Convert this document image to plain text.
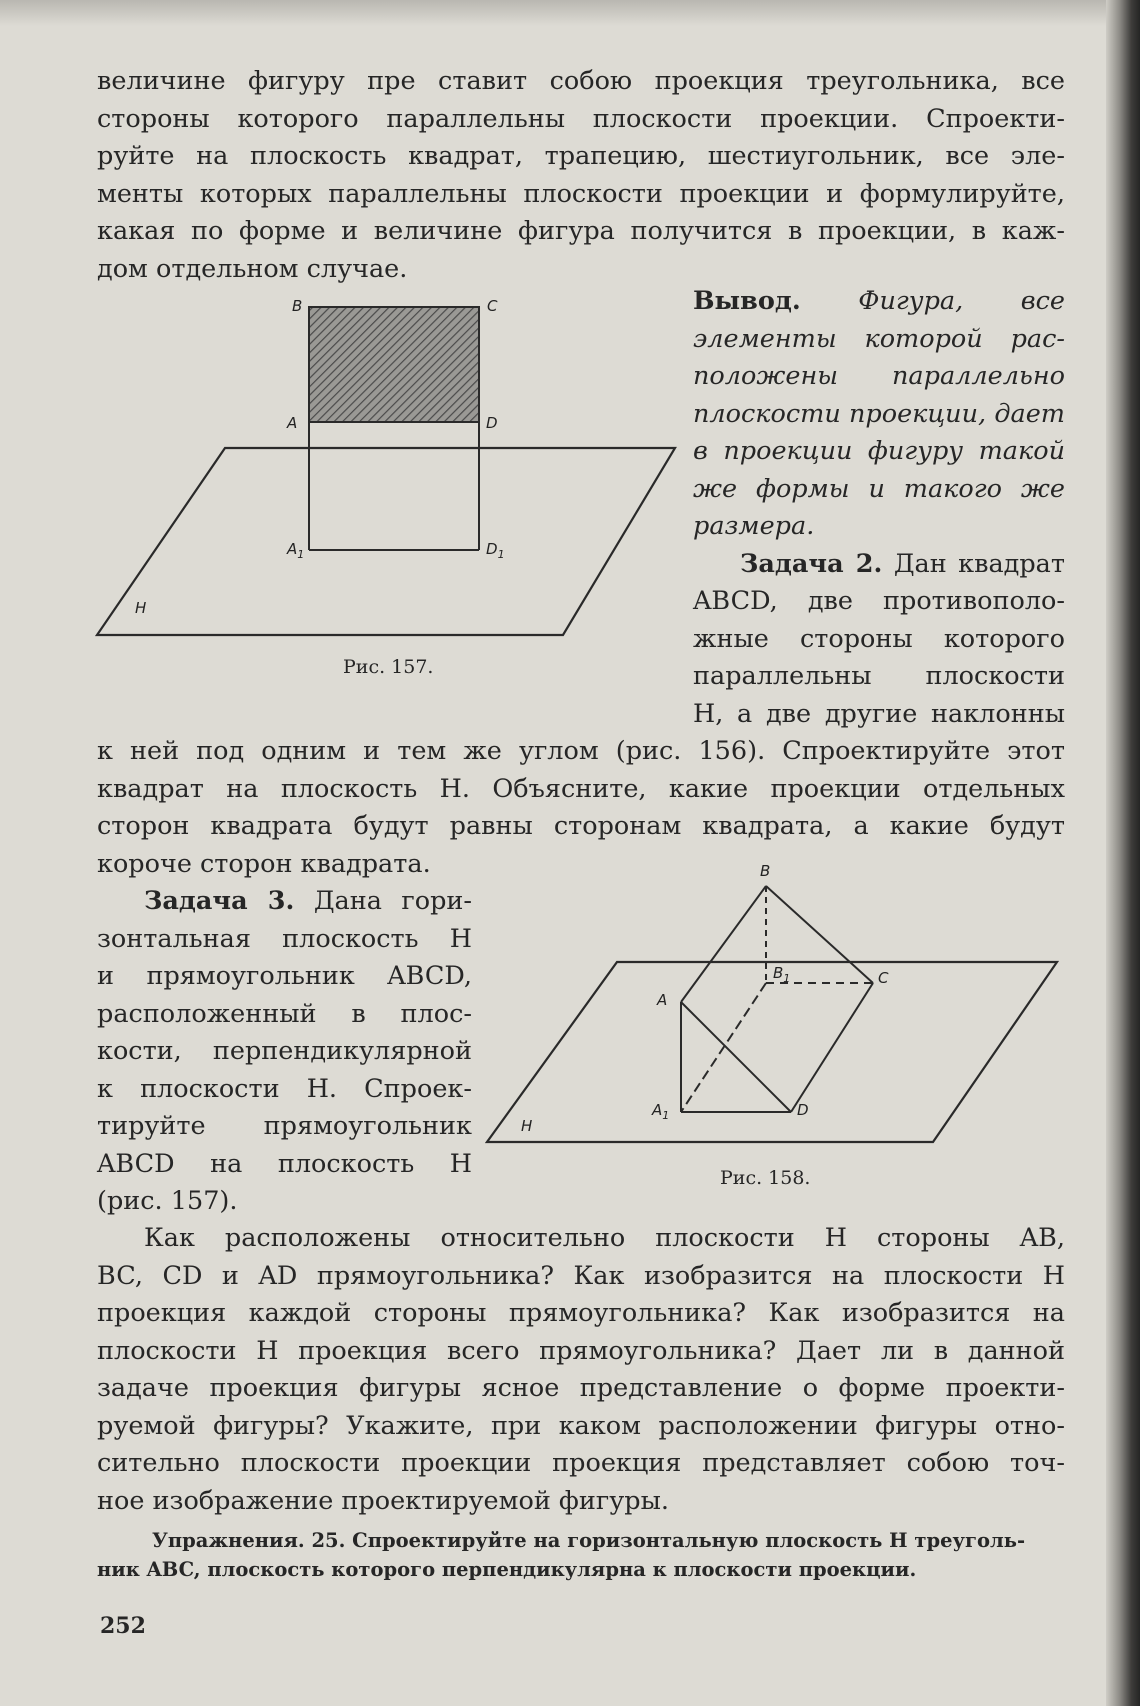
величине фигуру пре ставит собою проекция треугольника, все
стороны которого параллельны плоскости проекции. Спроекти-
руйте на плоскость квадрат, трапецию, шестиугольник, все эле-
менты которых параллельны плоскости проекции и формулируйте,
какая по форме и величине фигура получится в проекции, в каж-
дом отдельном случае.
B	C
A	D
$A_1$	$D_1$
H
Рис. 157.
Вывод. Фигура, все
элементы которой рас-
положены параллельно
плоскости проекции, дает
в проекции фигуру такой
же формы и такого же
размера.
Задача 2. Дан квадрат
ABCD, две противополо-
жные стороны которого
параллельны плоскости
H, а две другие наклонны
к ней под одним и тем же углом (рис. 156). Спроектируйте этот
квадрат на плоскость H. Объясните, какие проекции отдельных
сторон квадрата будут равны сторонам квадрата, а какие будут
короче сторон квадрата.
Задача 3. Дана гори-
зонтальная плоскость H
и прямоугольник ABCD,
расположенный в плос-
кости, перпендикулярной
к плоскости H. Спроек-
тируйте прямоугольник
ABCD на плоскость H
(рис. 157).
B
$B_1$	C
A
$A_1$	D
H
Рис. 158.
Как расположены относительно плоскости H стороны AB,
BC, CD и AD прямоугольника? Как изобразится на плоскости H
проекция каждой стороны прямоугольника? Как изобразится на
плоскости H проекция всего прямоугольника? Дает ли в данной
задаче проекция фигуры ясное представление о форме проекти-
руемой фигуры? Укажите, при каком расположении фигуры отно-
сительно плоскости проекции проекция представляет собою точ-
ное изображение проектируемой фигуры.
Упражнения. 25. Спроектируйте на горизонтальную плоскость H треуголь-
ник ABC, плоскость которого перпендикулярна к плоскости проекции.
252
